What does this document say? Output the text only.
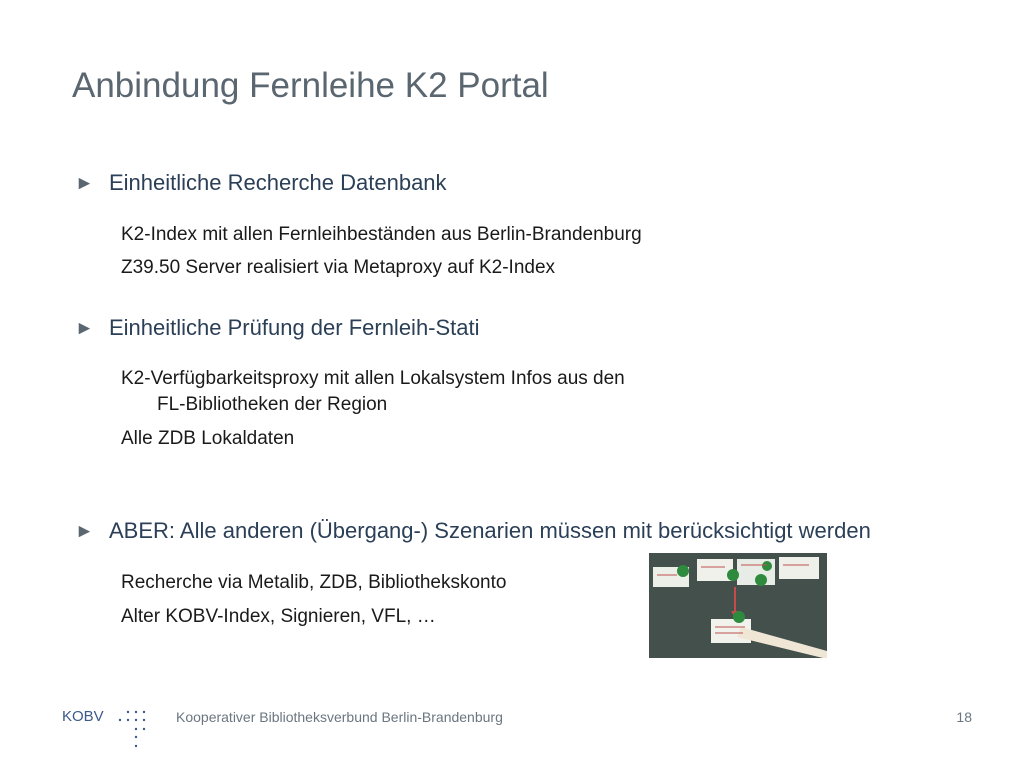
Anbindung Fernleihe K2 Portal
► Einheitliche Recherche Datenbank
K2-Index mit allen Fernleihbeständen aus Berlin-Brandenburg
Z39.50 Server realisiert via Metaproxy auf K2-Index
► Einheitliche Prüfung der Fernleih-Stati
K2-Verfügbarkeitsproxy mit allen Lokalsystem Infos aus den
FL-Bibliotheken der Region
Alle ZDB Lokaldaten
► ABER: Alle anderen (Übergang-) Szenarien müssen mit berücksichtigt werden
Recherche via Metalib, ZDB, Bibliothekskonto
Alter KOBV-Index, Signieren, VFL, …
KOBV	Kooperativer Bibliotheksverbund Berlin-Brandenburg	18
